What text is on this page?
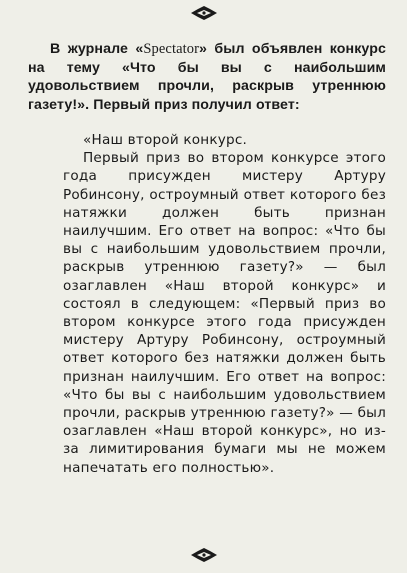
В журнале «Spectator» был объявлен конкурс на тему «Что бы вы с наибольшим удовольствием прочли, раскрыв утреннюю газету!». Первый приз получил ответ:

«Наш второй конкурс.
Первый приз во втором конкурсе этого года присужден мистеру Артуру Робинсону, остроумный ответ которого без натяжки должен быть признан наилучшим. Его ответ на вопрос: «Что бы вы с наибольшим удовольствием прочли, раскрыв утреннюю газету?» — был озаглавлен «Наш второй конкурс» и состоял в следующем: «Первый приз во втором конкурсе этого года присужден мистеру Артуру Робинсону, остроумный ответ которого без натяжки должен быть признан наилучшим. Его ответ на вопрос: «Что бы вы с наибольшим удовольствием прочли, раскрыв утреннюю газету?» — был озаглавлен «Наш второй конкурс», но из-за лимитирования бумаги мы не можем напечатать его полностью».
